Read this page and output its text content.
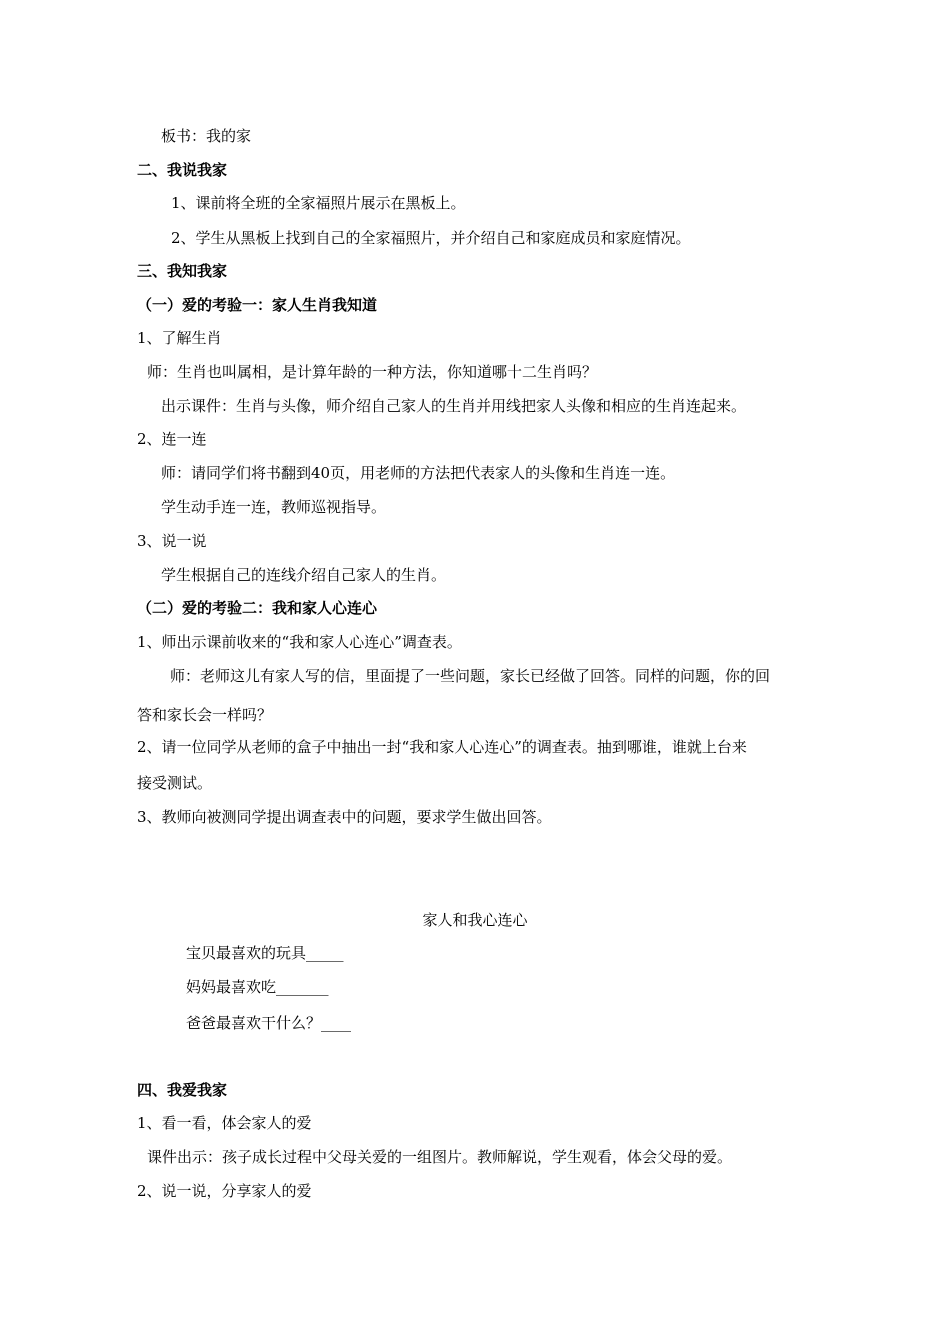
板书：我的家
二、我说我家
1、课前将全班的全家福照片展示在黑板上。
2、学生从黑板上找到自己的全家福照片，并介绍自己和家庭成员和家庭情况。
三、我知我家
（一）爱的考验一：家人生肖我知道
1、了解生肖
师：生肖也叫属相，是计算年龄的一种方法，你知道哪十二生肖吗？
出示课件：生肖与头像，师介绍自己家人的生肖并用线把家人头像和相应的生肖连起来。
2、连一连
师：请同学们将书翻到40页，用老师的方法把代表家人的头像和生肖连一连。
学生动手连一连，教师巡视指导。
3、说一说
学生根据自己的连线介绍自己家人的生肖。
（二）爱的考验二：我和家人心连心
1、师出示课前收来的“我和家人心连心”调查表。
师：老师这儿有家人写的信，里面提了一些问题，家长已经做了回答。同样的问题，你的回
答和家长会一样吗？
2、请一位同学从老师的盒子中抽出一封“我和家人心连心”的调查表。抽到哪谁，谁就上台来
接受测试。
3、教师向被测同学提出调查表中的问题，要求学生做出回答。
家人和我心连心
宝贝最喜欢的玩具_____
妈妈最喜欢吃_______
爸爸最喜欢干什么？____
四、我爱我家
1、看一看，体会家人的爱
课件出示：孩子成长过程中父母关爱的一组图片。教师解说，学生观看，体会父母的爱。
2、说一说，分享家人的爱
